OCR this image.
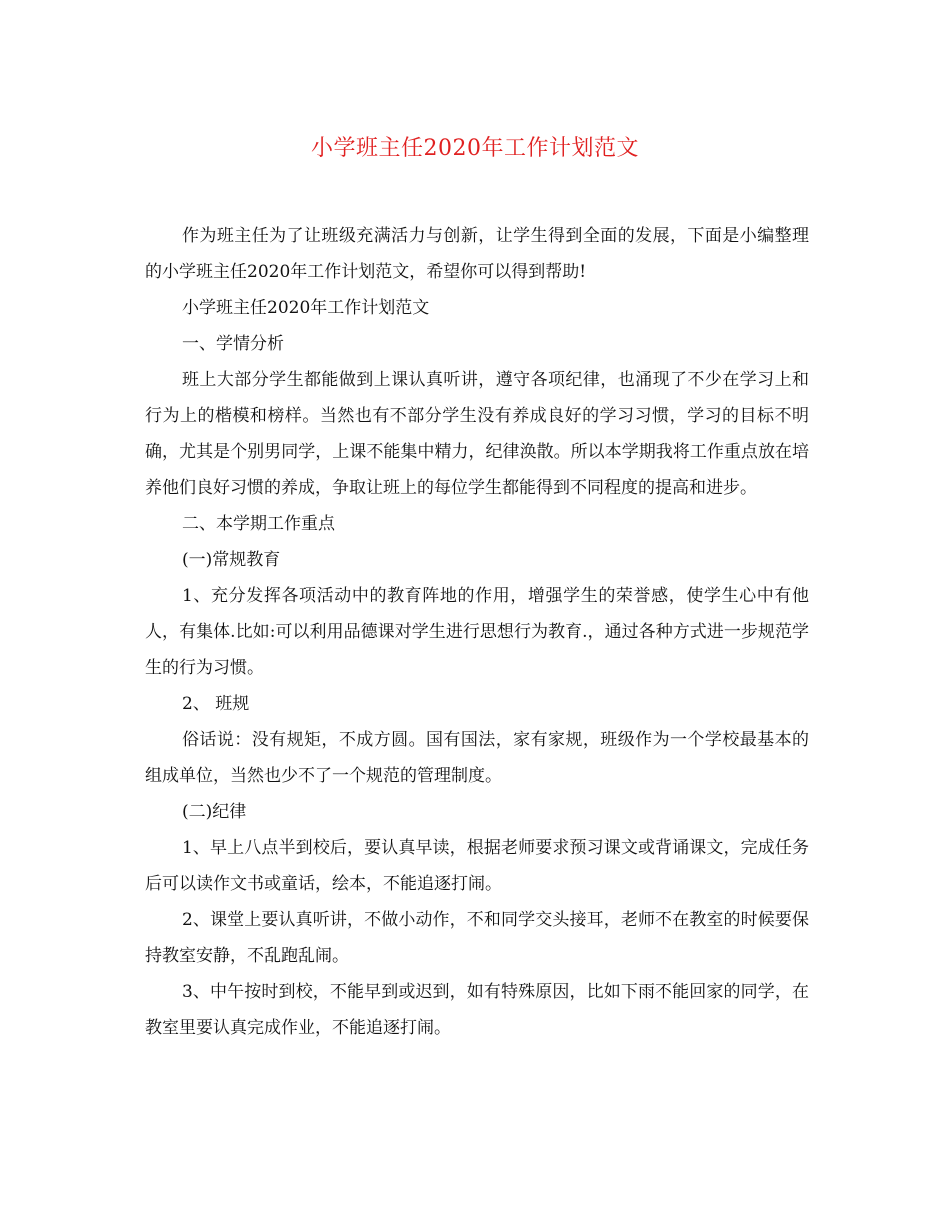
小学班主任2020年工作计划范文

作为班主任为了让班级充满活力与创新，让学生得到全面的发展，下面是小编整理的小学班主任2020年工作计划范文，希望你可以得到帮助!

小学班主任2020年工作计划范文

一、学情分析

班上大部分学生都能做到上课认真听讲，遵守各项纪律，也涌现了不少在学习上和行为上的楷模和榜样。当然也有不部分学生没有养成良好的学习习惯，学习的目标不明确，尤其是个别男同学，上课不能集中精力，纪律涣散。所以本学期我将工作重点放在培养他们良好习惯的养成，争取让班上的每位学生都能得到不同程度的提高和进步。

二、本学期工作重点

(一)常规教育

1、充分发挥各项活动中的教育阵地的作用，增强学生的荣誉感，使学生心中有他人，有集体.比如:可以利用品德课对学生进行思想行为教育.，通过各种方式进一步规范学生的行为习惯。

2、 班规

俗话说：没有规矩，不成方圆。国有国法，家有家规，班级作为一个学校最基本的组成单位，当然也少不了一个规范的管理制度。

(二)纪律

1、早上八点半到校后，要认真早读，根据老师要求预习课文或背诵课文，完成任务后可以读作文书或童话，绘本，不能追逐打闹。

2、课堂上要认真听讲，不做小动作，不和同学交头接耳，老师不在教室的时候要保持教室安静，不乱跑乱闹。

3、中午按时到校，不能早到或迟到，如有特殊原因，比如下雨不能回家的同学，在教室里要认真完成作业，不能追逐打闹。
